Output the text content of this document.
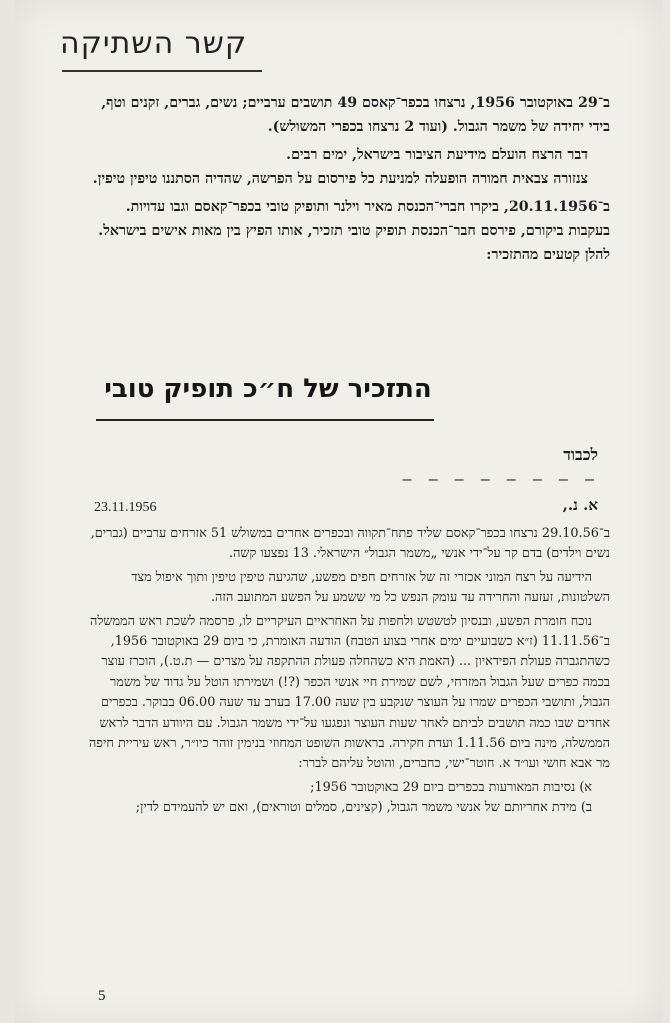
קשר השתיקה

ב־29 באוקטובר 1956, נרצחו בכפר־קאסם 49 תושבים ערביים; נשים, גברים, זקנים וטף, בידי יחידה של משמר הגבול. (ועוד 2 נרצחו בכפרי המשולש).

דבר הרצח הועלם מידיעת הציבור בישראל, ימים רבים.

צנזורה צבאית חמורה הופעלה למניעת כל פירסום על הפרשה, שהדיה הסתננו טיפין טיפין.

ב־20.11.1956, ביקרו חברי־הכנסת מאיר וילנר ותופיק טובי בכפר־קאסם וגבו עדויות. בעקבות ביקורם, פירסם חבר־הכנסת תופיק טובי תזכיר, אותו הפיץ בין מאות אישים בישראל. להלן קטעים מהתזכיר:

התזכיר של ח״כ תופיק טובי
לכבוד
— — — — — — — —
23.11.1956	א. נ.,

ב־29.10.56 נרצחו בכפר־קאסם שליד פתח־תקווה ובכפרים אחרים במשולש 51 אזרחים ערביים (גברים, נשים וילדים) בדם קר על־ידי אנשי „משמר הגבול״ הישראלי. 13 נפצעו קשה.

הידיעה על רצח המוני אכזרי זה של אזרחים חפים מפשע, שהגיעה טיפין טיפין ותוך איפול מצד השלטונות, זעזעה והחרידה עד עומק הנפש כל מי ששמע על הפשע המתועב הזה.

נוכח חומרת הפשע, ובנסיון לטשטש ולחפות על האחראיים העיקריים לו, פרסמה לשכת ראש הממשלה ב־11.11.56 (ז״א כשבועיים ימים אחרי בצוע הטבח) הודעה האומרת, כי ביום 29 באוקטובר 1956, כשהתגברה פעולת הפידאיון ... (האמת היא כשהחלה פעולת ההתקפה על מצרים — ת.ט.), הוכרז עוצר בכמה כפרים שעל הגבול המזרחי, לשם שמירת חיי אנשי הכפר (?!) ושמירתו הוטל על גדוד של משמר הגבול, ותושבי הכפרים שמרו על העוצר שנקבע בין שעה 17.00 בערב עד שעה 06.00 בבוקר. בכפרים אחדים שבו כמה תושבים לביתם לאחר שעות העוצר ונפגעו על־ידי משמר הגבול. עם היוודע הדבר לראש הממשלה, מינה ביום 1.11.56 ועדת חקירה. בראשות השופט המחוזי בנימין זוהר כיו״ר, ראש עיריית חיפה מר אבא חושי ועו״ד א. חוטר־ישי, כחברים, והוטל עליהם לברר:

א) נסיבות המאורעות בכפרים ביום 29 באוקטובר 1956;

ב) מידת אחריותם של אנשי משמר הגבול, (קצינים, סמלים וטוראים), ואם יש להעמידם לדין;

5
